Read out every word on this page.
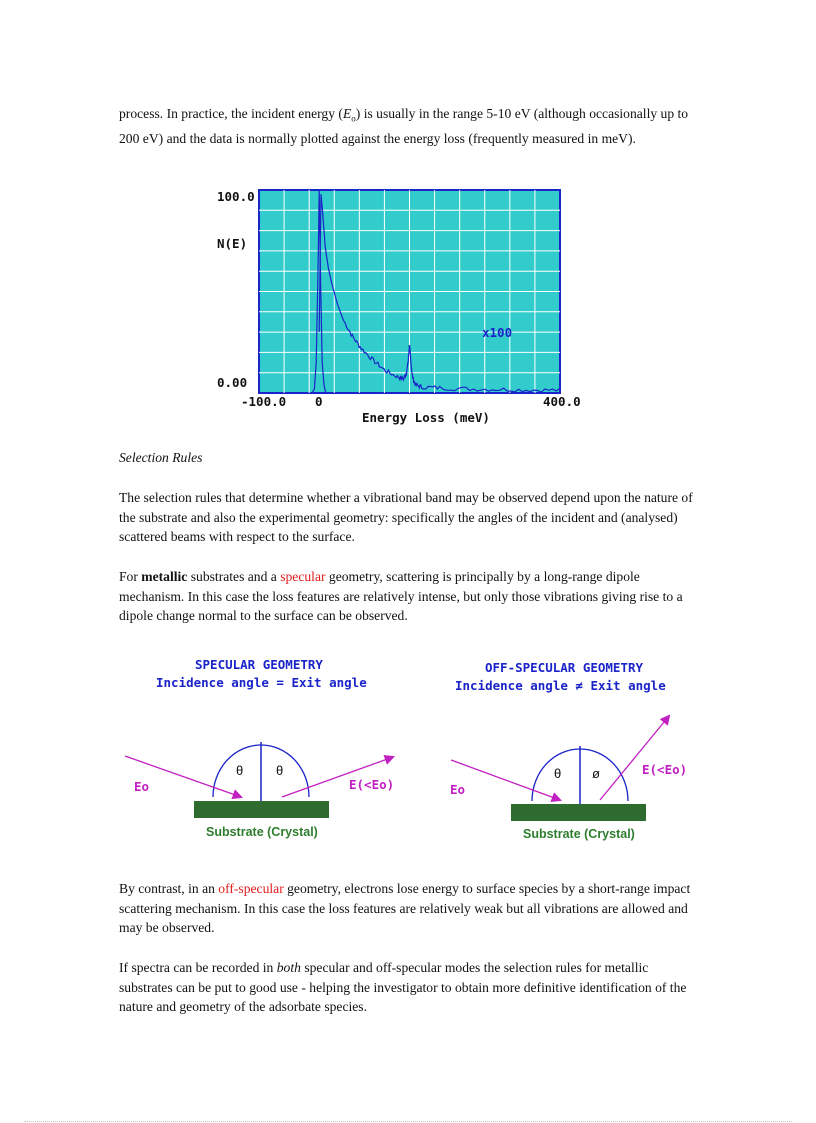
process. In practice, the incident energy $(E_o)$ is usually in the range 5-10 eV (although occasionally up to 200 eV) and the data is normally plotted against the energy loss (frequently measured in meV).

100.0
N(E)
0.00
-100.0 0	400.0
Energy Loss (meV)
x100

Selection Rules

The selection rules that determine whether a vibrational band may be observed depend upon the nature of the substrate and also the experimental geometry: specifically the angles of the incident and (analysed) scattered beams with respect to the surface.

For metallic substrates and a specular geometry, scattering is principally by a long-range dipole mechanism. In this case the loss features are relatively intense, but only those vibrations giving rise to a dipole change normal to the surface can be observed.

SPECULAR GEOMETRY
Incidence angle = Exit angle
θ	θ
Eo	E(<Eo)
Substrate (Crystal)
OFF-SPECULAR GEOMETRY
Incidence angle ≠ Exit angle
θ ø
Eo
E(<Eo)
Substrate (Crystal)

By contrast, in an off-specular geometry, electrons lose energy to surface species by a short-range impact scattering mechanism. In this case the loss features are relatively weak but all vibrations are allowed and may be observed.

If spectra can be recorded in both specular and off-specular modes the selection rules for metallic substrates can be put to good use - helping the investigator to obtain more definitive identification of the nature and geometry of the adsorbate species.
